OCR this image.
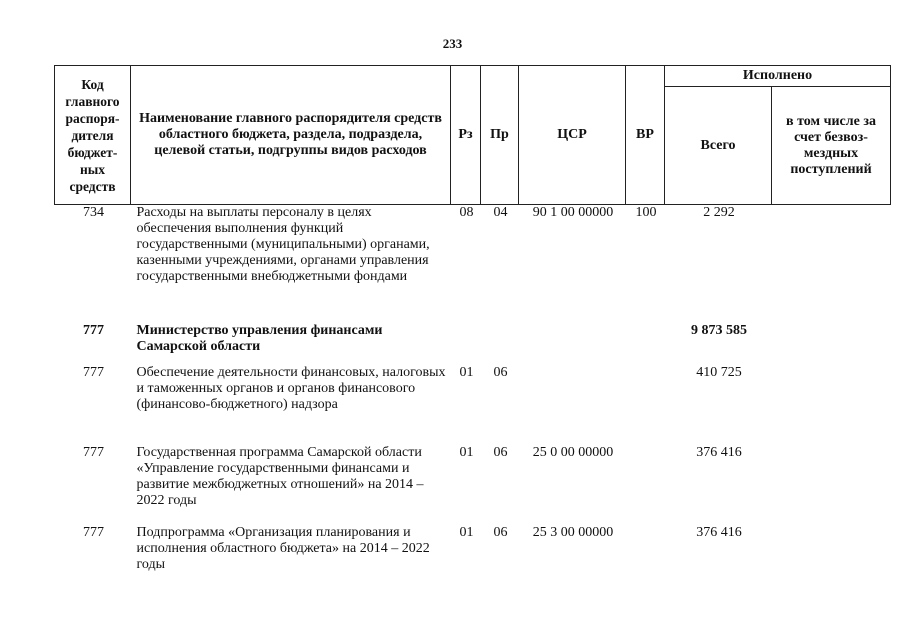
233
Код главного распоря-дителя бюджет-ных средств	Наименование главного распорядителя средств областного бюджета, раздела, подраздела, целевой статьи, подгруппы видов расходов	Рз	Пр	ЦСР	ВР	Исполнено	
						Всего	в том числе за счет безвоз-мездных поступлений
734	Расходы на выплаты персоналу в целях обеспечения выполнения функций государственными (муниципальными) органами, казенными учреждениями, органами управления государственными внебюджетными фондами	08	04	90 1 00 00000	100	2 292	
777	Министерство управления финансами Самарской области					9 873 585	
777	Обеспечение деятельности финансовых, налоговых и таможенных органов и органов финансового (финансово-бюджетного) надзора	01	06			410 725	
777	Государственная программа Самарской области «Управление государственными финансами и развитие межбюджетных отношений» на 2014 – 2022 годы	01	06	25 0 00 00000		376 416	
777	Подпрограмма «Организация планирования и исполнения областного бюджета» на 2014 – 2022 годы	01	06	25 3 00 00000		376 416	
